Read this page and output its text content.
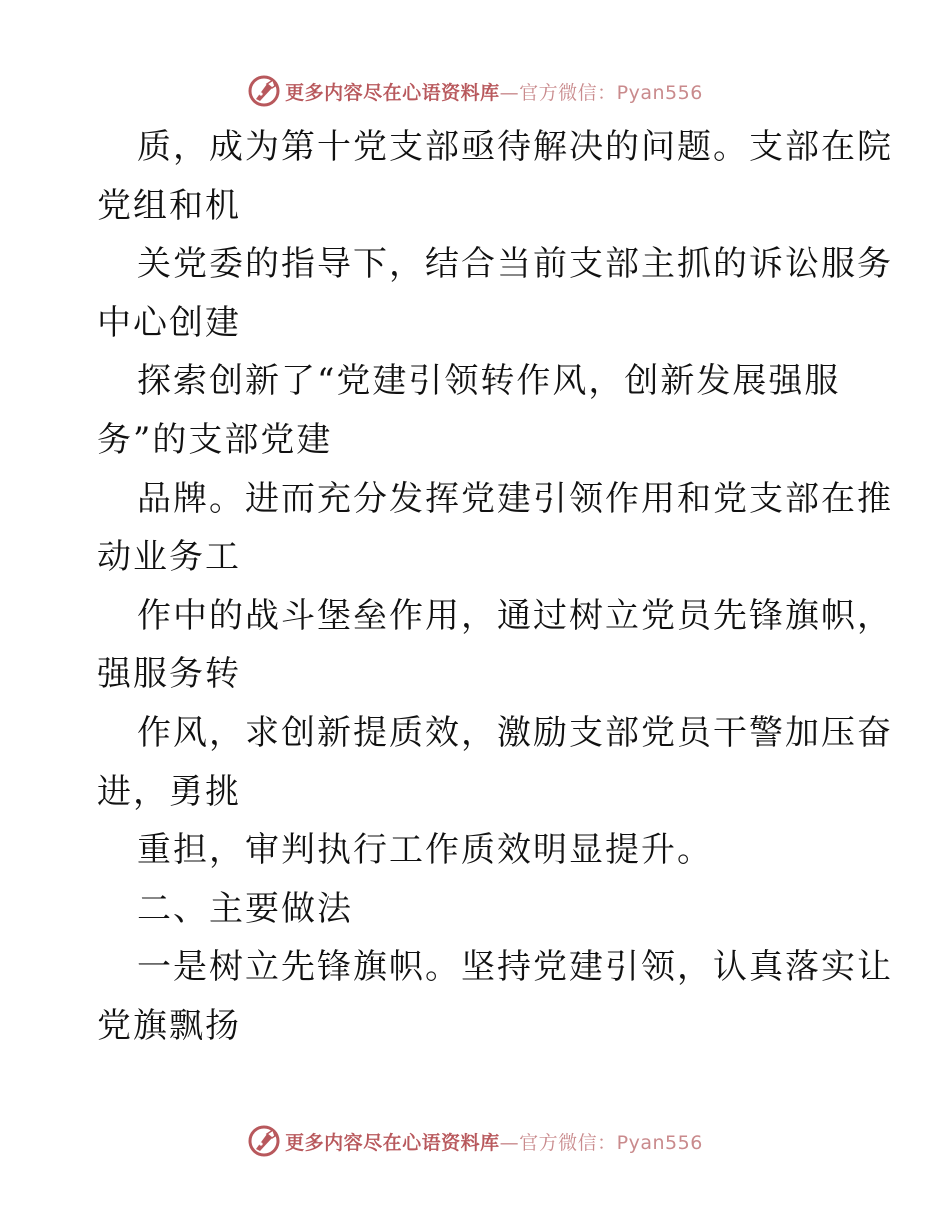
更多内容尽在心语资料库—官方微信：Pyan556
质，成为第十党支部亟待解决的问题。支部在院
党组和机
关党委的指导下，结合当前支部主抓的诉讼服务
中心创建
探索创新了“党建引领转作风，创新发展强服
务”的支部党建
品牌。进而充分发挥党建引领作用和党支部在推
动业务工
作中的战斗堡垒作用，通过树立党员先锋旗帜，
强服务转
作风，求创新提质效，激励支部党员干警加压奋
进，勇挑
重担，审判执行工作质效明显提升。
二、主要做法
一是树立先锋旗帜。坚持党建引领，认真落实让
党旗飘扬
更多内容尽在心语资料库—官方微信：Pyan556
